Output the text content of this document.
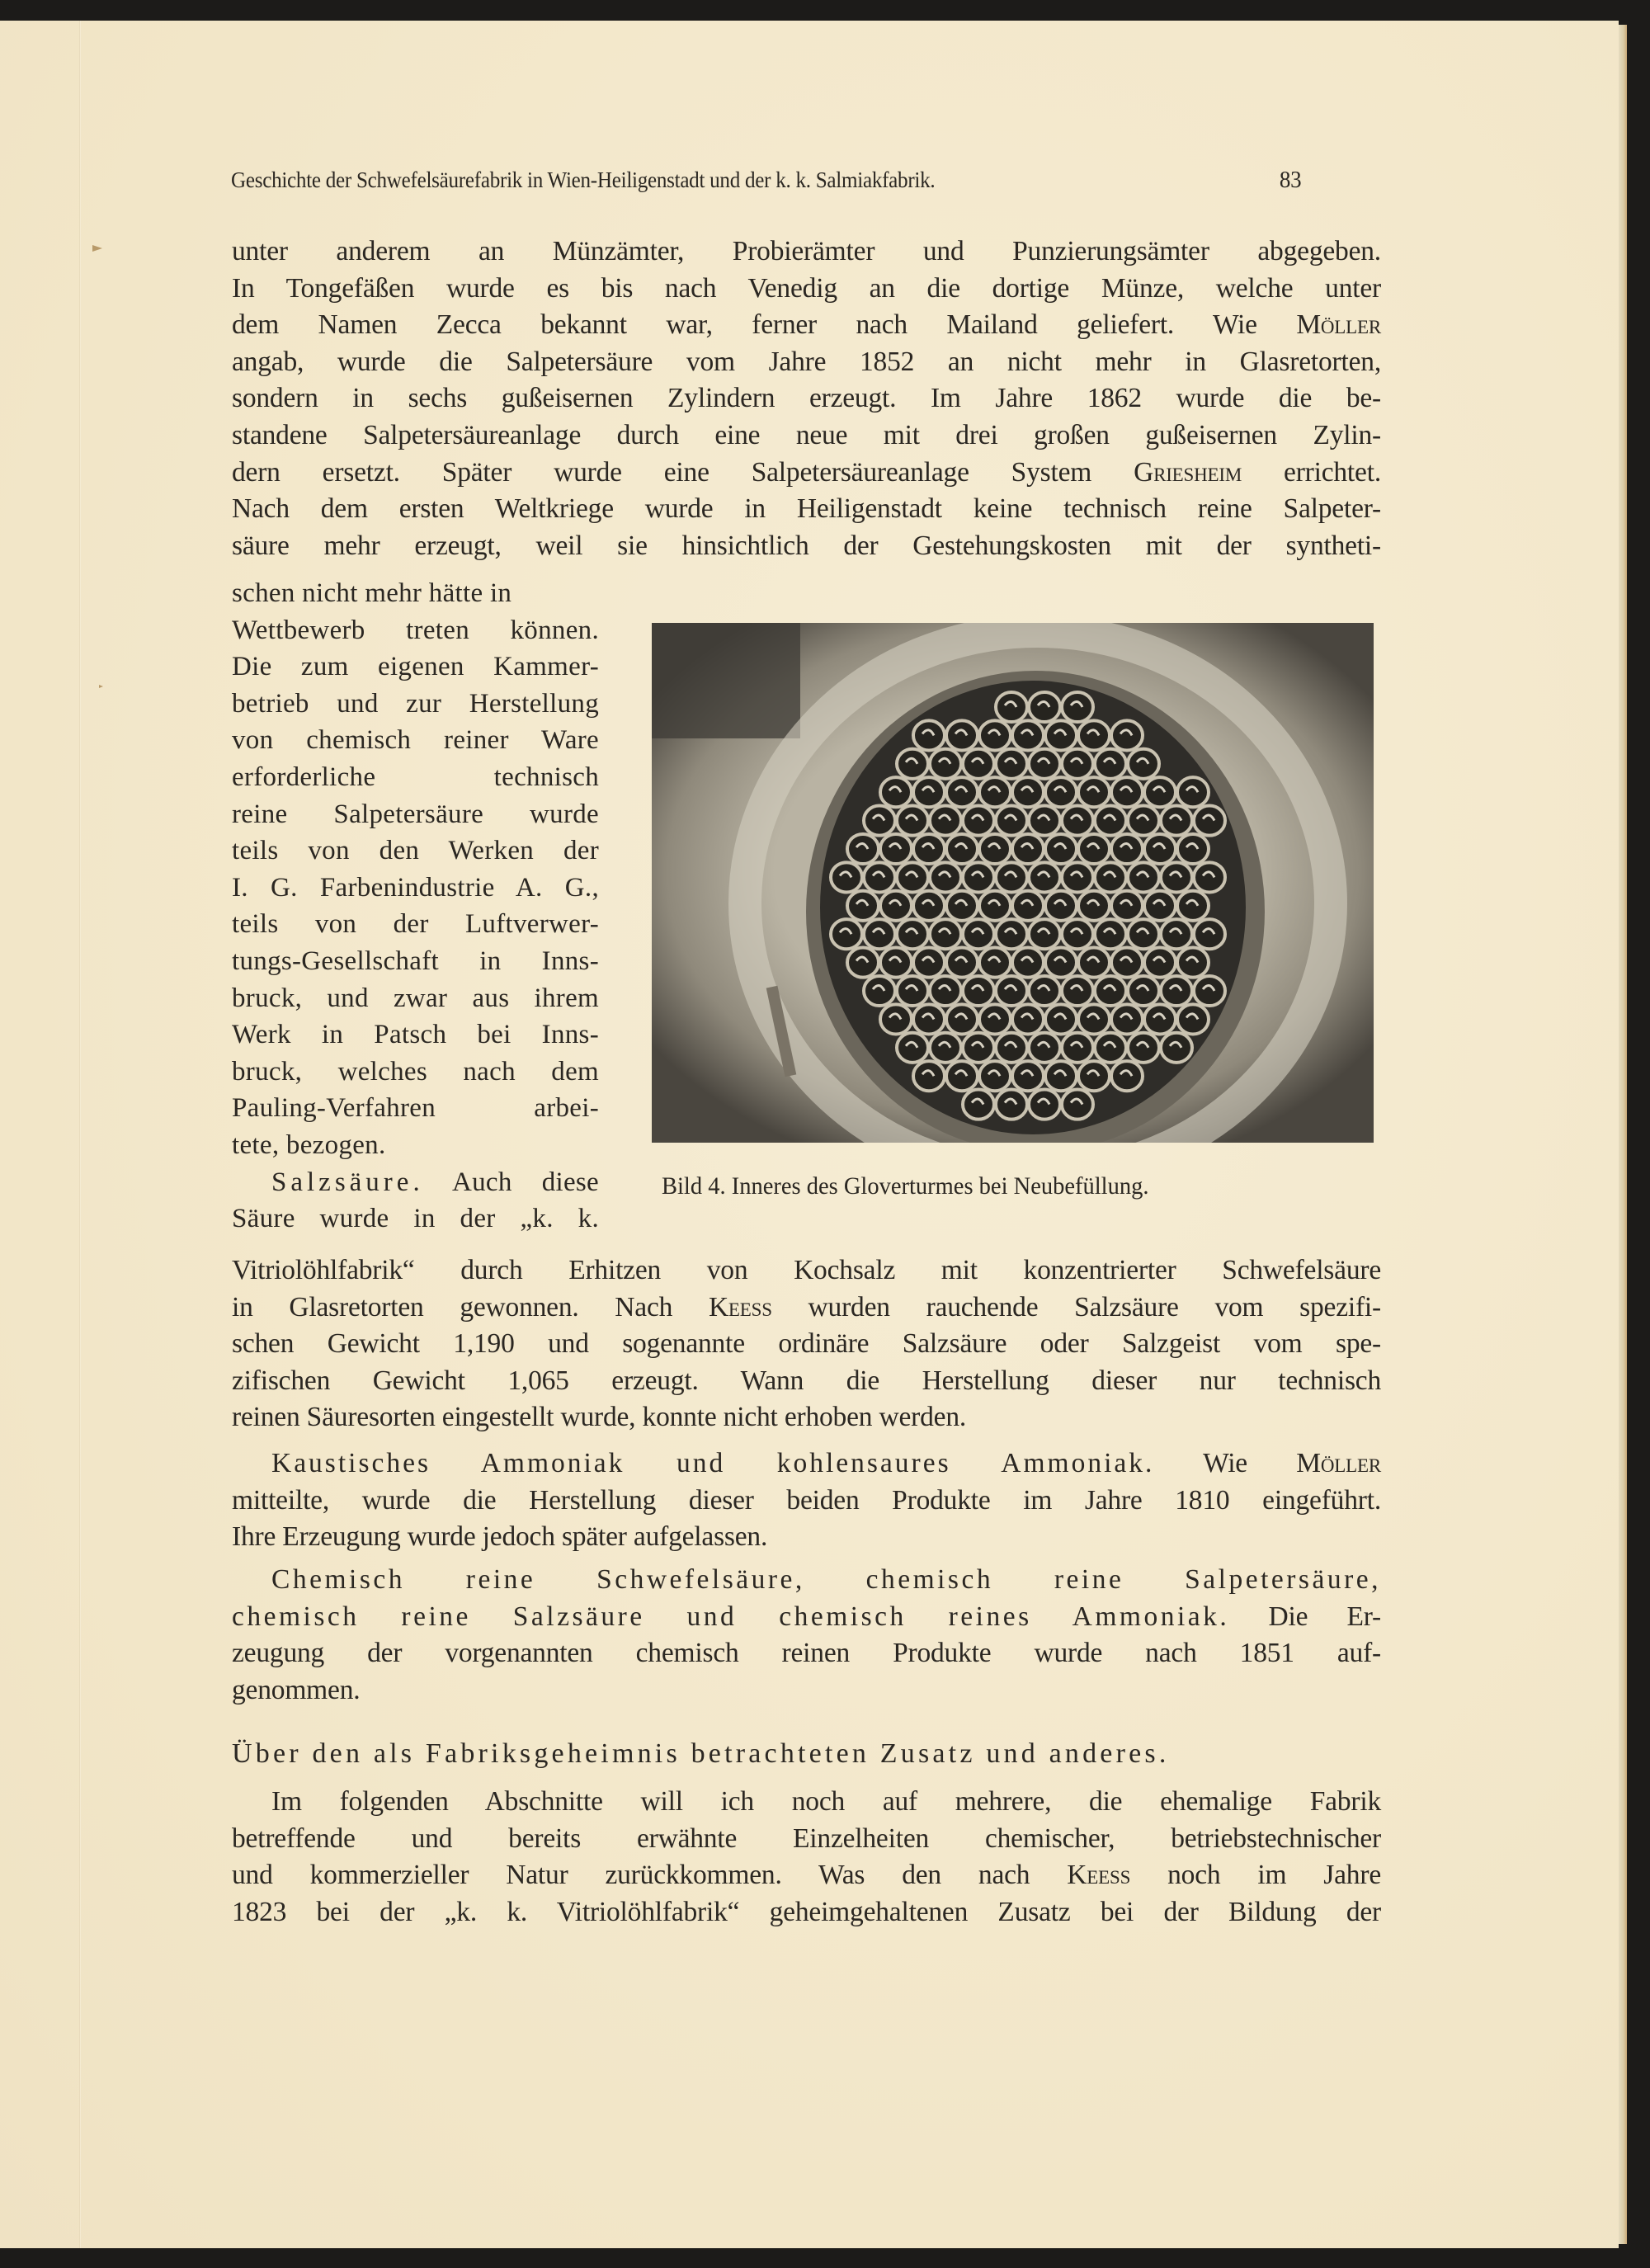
Geschichte der Schwefelsäurefabrik in Wien-Heiligenstadt und der k. k. Salmiakfabrik.	83
unter anderem an Münzämter, Probierämter und Punzierungsämter abgegeben.
In Tongefäßen wurde es bis nach Venedig an die dortige Münze, welche unter
dem Namen Zecca bekannt war, ferner nach Mailand geliefert. Wie Möller
angab, wurde die Salpetersäure vom Jahre 1852 an nicht mehr in Glasretorten,
sondern in sechs gußeisernen Zylindern erzeugt. Im Jahre 1862 wurde die be-
standene Salpetersäureanlage durch eine neue mit drei großen gußeisernen Zylin-
dern ersetzt. Später wurde eine Salpetersäureanlage System Griesheim errichtet.
Nach dem ersten Weltkriege wurde in Heiligenstadt keine technisch reine Salpeter-
säure mehr erzeugt, weil sie hinsichtlich der Gestehungskosten mit der syntheti-
schen nicht mehr hätte in
Wettbewerb treten können.
Die zum eigenen Kammer-
betrieb und zur Herstellung
von chemisch reiner Ware
erforderliche technisch
reine Salpetersäure wurde
teils von den Werken der
I. G. Farbenindustrie A. G.,
teils von der Luftverwer-
tungs-Gesellschaft in Inns-
bruck, und zwar aus ihrem
Werk in Patsch bei Inns-
bruck, welches nach dem
Pauling-Verfahren arbei-
tete, bezogen.
Salzsäure. Auch diese
Säure wurde in der „k. k.
Bild 4. Inneres des Gloverturmes bei Neubefüllung.
Vitriolöhlfabrik“ durch Erhitzen von Kochsalz mit konzentrierter Schwefelsäure
in Glasretorten gewonnen. Nach Keess wurden rauchende Salzsäure vom spezifi-
schen Gewicht 1,190 und sogenannte ordinäre Salzsäure oder Salzgeist vom spe-
zifischen Gewicht 1,065 erzeugt. Wann die Herstellung dieser nur technisch
reinen Säuresorten eingestellt wurde, konnte nicht erhoben werden.
Kaustisches Ammoniak und kohlensaures Ammoniak. Wie Möller
mitteilte, wurde die Herstellung dieser beiden Produkte im Jahre 1810 eingeführt.
Ihre Erzeugung wurde jedoch später aufgelassen.
Chemisch reine Schwefelsäure, chemisch reine Salpetersäure,
chemisch reine Salzsäure und chemisch reines Ammoniak. Die Er-
zeugung der vorgenannten chemisch reinen Produkte wurde nach 1851 auf-
genommen.
Über den als Fabriksgeheimnis betrachteten Zusatz und anderes.
Im folgenden Abschnitte will ich noch auf mehrere, die ehemalige Fabrik
betreffende und bereits erwähnte Einzelheiten chemischer, betriebstechnischer
und kommerzieller Natur zurückkommen. Was den nach Keess noch im Jahre
1823 bei der „k. k. Vitriolöhlfabrik“ geheimgehaltenen Zusatz bei der Bildung der
